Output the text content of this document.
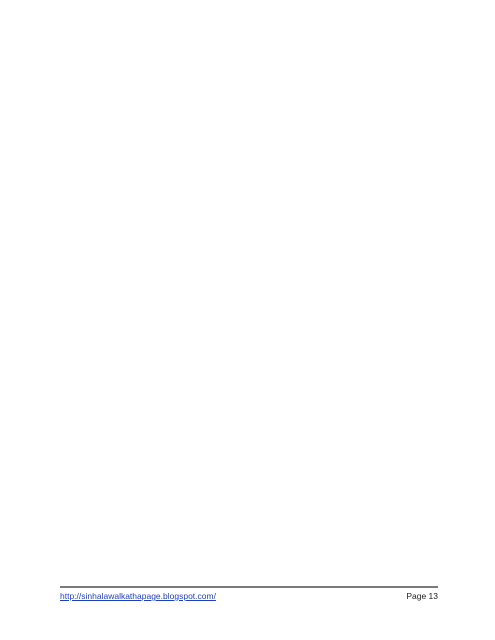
http://sinhalawalkathapage.blogspot.com/	Page 13
